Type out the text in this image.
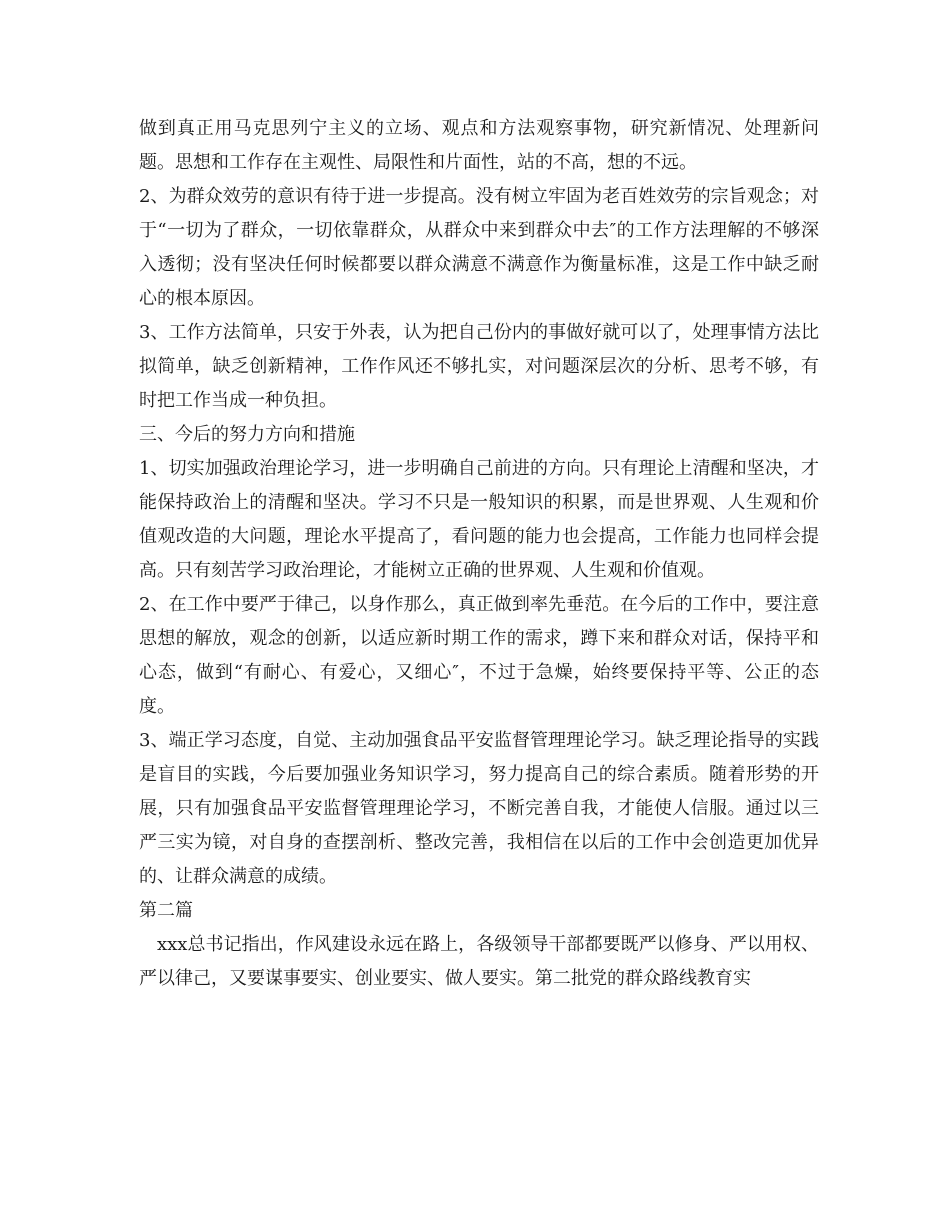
做到真正用马克思列宁主义的立场、观点和方法观察事物，研究新情况、处理新问题。思想和工作存在主观性、局限性和片面性，站的不高，想的不远。

2、为群众效劳的意识有待于进一步提高。没有树立牢固为老百姓效劳的宗旨观念；对于“一切为了群众，一切依靠群众，从群众中来到群众中去″的工作方法理解的不够深入透彻；没有坚决任何时候都要以群众满意不满意作为衡量标准，这是工作中缺乏耐心的根本原因。

3、工作方法简单，只安于外表，认为把自己份内的事做好就可以了，处理事情方法比拟简单，缺乏创新精神，工作作风还不够扎实，对问题深层次的分析、思考不够，有时把工作当成一种负担。

三、今后的努力方向和措施

1、切实加强政治理论学习，进一步明确自己前进的方向。只有理论上清醒和坚决，才能保持政治上的清醒和坚决。学习不只是一般知识的积累，而是世界观、人生观和价值观改造的大问题，理论水平提高了，看问题的能力也会提高，工作能力也同样会提高。只有刻苦学习政治理论，才能树立正确的世界观、人生观和价值观。

2、在工作中要严于律己，以身作那么，真正做到率先垂范。在今后的工作中，要注意思想的解放，观念的创新，以适应新时期工作的需求，蹲下来和群众对话，保持平和心态，做到“有耐心、有爱心，又细心″，不过于急燥，始终要保持平等、公正的态度。

3、端正学习态度，自觉、主动加强食品平安监督管理理论学习。缺乏理论指导的实践是盲目的实践，今后要加强业务知识学习，努力提高自己的综合素质。随着形势的开展，只有加强食品平安监督管理理论学习，不断完善自我，才能使人信服。通过以三严三实为镜，对自身的查摆剖析、整改完善，我相信在以后的工作中会创造更加优异的、让群众满意的成绩。

第二篇

xxx总书记指出，作风建设永远在路上，各级领导干部都要既严以修身、严以用权、严以律己，又要谋事要实、创业要实、做人要实。第二批党的群众路线教育实
